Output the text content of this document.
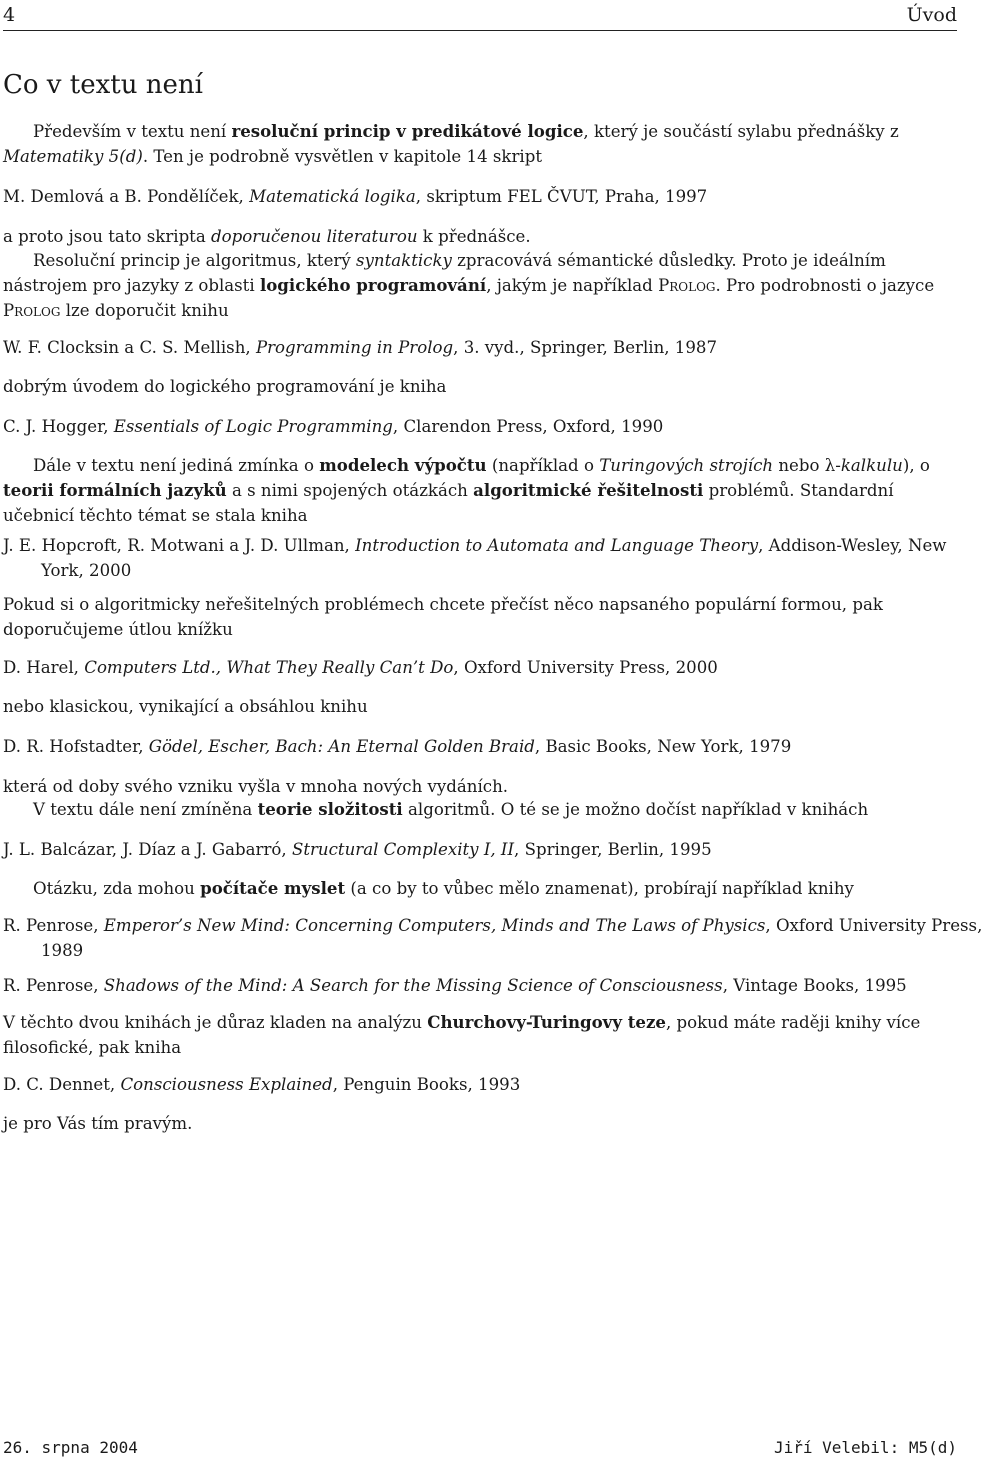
4	Úvod
Co v textu není

Především v textu není resoluční princip v predikátové logice, který je součástí sylabu přednášky z Matematiky 5(d). Ten je podrobně vysvětlen v kapitole 14 skript

M. Demlová a B. Pondělíček, Matematická logika, skriptum FEL ČVUT, Praha, 1997

a proto jsou tato skripta doporučenou literaturou k přednášce.

Resoluční princip je algoritmus, který syntakticky zpracovává sémantické důsledky. Proto je ideálním nástrojem pro jazyky z oblasti logického programování, jakým je například Prolog. Pro podrobnosti o jazyce Prolog lze doporučit knihu

W. F. Clocksin a C. S. Mellish, Programming in Prolog, 3. vyd., Springer, Berlin, 1987

dobrým úvodem do logického programování je kniha

C. J. Hogger, Essentials of Logic Programming, Clarendon Press, Oxford, 1990

Dále v textu není jediná zmínka o modelech výpočtu (například o Turingových strojích nebo λ-kalkulu), o teorii formálních jazyků a s nimi spojených otázkách algoritmické řešitelnosti problémů. Standardní učebnicí těchto témat se stala kniha

J. E. Hopcroft, R. Motwani a J. D. Ullman, Introduction to Automata and Language Theory, Addison-Wesley, New York, 2000

Pokud si o algoritmicky neřešitelných problémech chcete přečíst něco napsaného populární formou, pak doporučujeme útlou knížku

D. Harel, Computers Ltd., What They Really Can’t Do, Oxford University Press, 2000

nebo klasickou, vynikající a obsáhlou knihu

D. R. Hofstadter, Gödel, Escher, Bach: An Eternal Golden Braid, Basic Books, New York, 1979

která od doby svého vzniku vyšla v mnoha nových vydáních.

V textu dále není zmíněna teorie složitosti algoritmů. O té se je možno dočíst například v knihách

J. L. Balcázar, J. Díaz a J. Gabarró, Structural Complexity I, II, Springer, Berlin, 1995

Otázku, zda mohou počítače myslet (a co by to vůbec mělo znamenat), probírají například knihy

R. Penrose, Emperor’s New Mind: Concerning Computers, Minds and The Laws of Physics, Oxford University Press, 1989

R. Penrose, Shadows of the Mind: A Search for the Missing Science of Consciousness, Vintage Books, 1995

V těchto dvou knihách je důraz kladen na analýzu Churchovy-Turingovy teze, pokud máte raději knihy více filosofické, pak kniha

D. C. Dennet, Consciousness Explained, Penguin Books, 1993

je pro Vás tím pravým.

26. srpna 2004	Jiří Velebil: M5(d)
